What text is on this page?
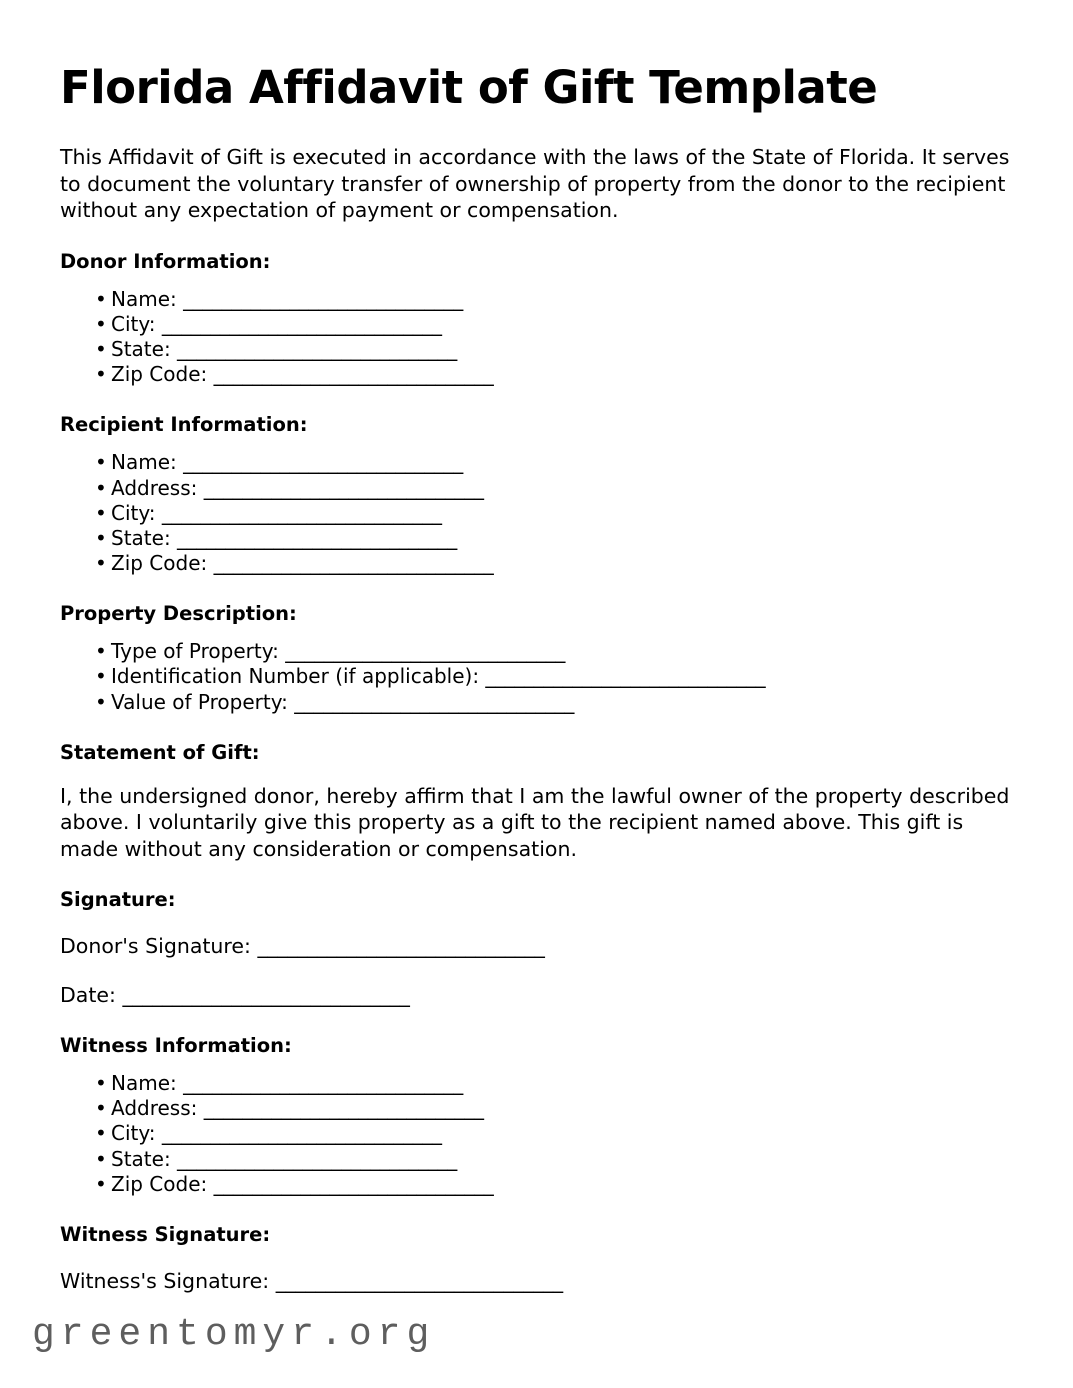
Florida Affidavit of Gift Template

This Affidavit of Gift is executed in accordance with the laws of the State of Florida. It serves to document the voluntary transfer of ownership of property from the donor to the recipient without any expectation of payment or compensation.

Donor Information:
• Name: _____________________________
• City: _____________________________
• State: _____________________________
• Zip Code: _____________________________
Recipient Information:
• Name: _____________________________
• Address: _____________________________
• City: _____________________________
• State: _____________________________
• Zip Code: _____________________________
Property Description:
• Type of Property: _____________________________
• Identification Number (if applicable): _____________________________
• Value of Property: _____________________________
Statement of Gift:

I, the undersigned donor, hereby affirm that I am the lawful owner of the property described above. I voluntarily give this property as a gift to the recipient named above. This gift is made without any consideration or compensation.

Signature:

Donor's Signature: _____________________________

Date: _____________________________

Witness Information:
• Name: _____________________________
• Address: _____________________________
• City: _____________________________
• State: _____________________________
• Zip Code: _____________________________
Witness Signature:

Witness's Signature: _____________________________

greentomyr.org
